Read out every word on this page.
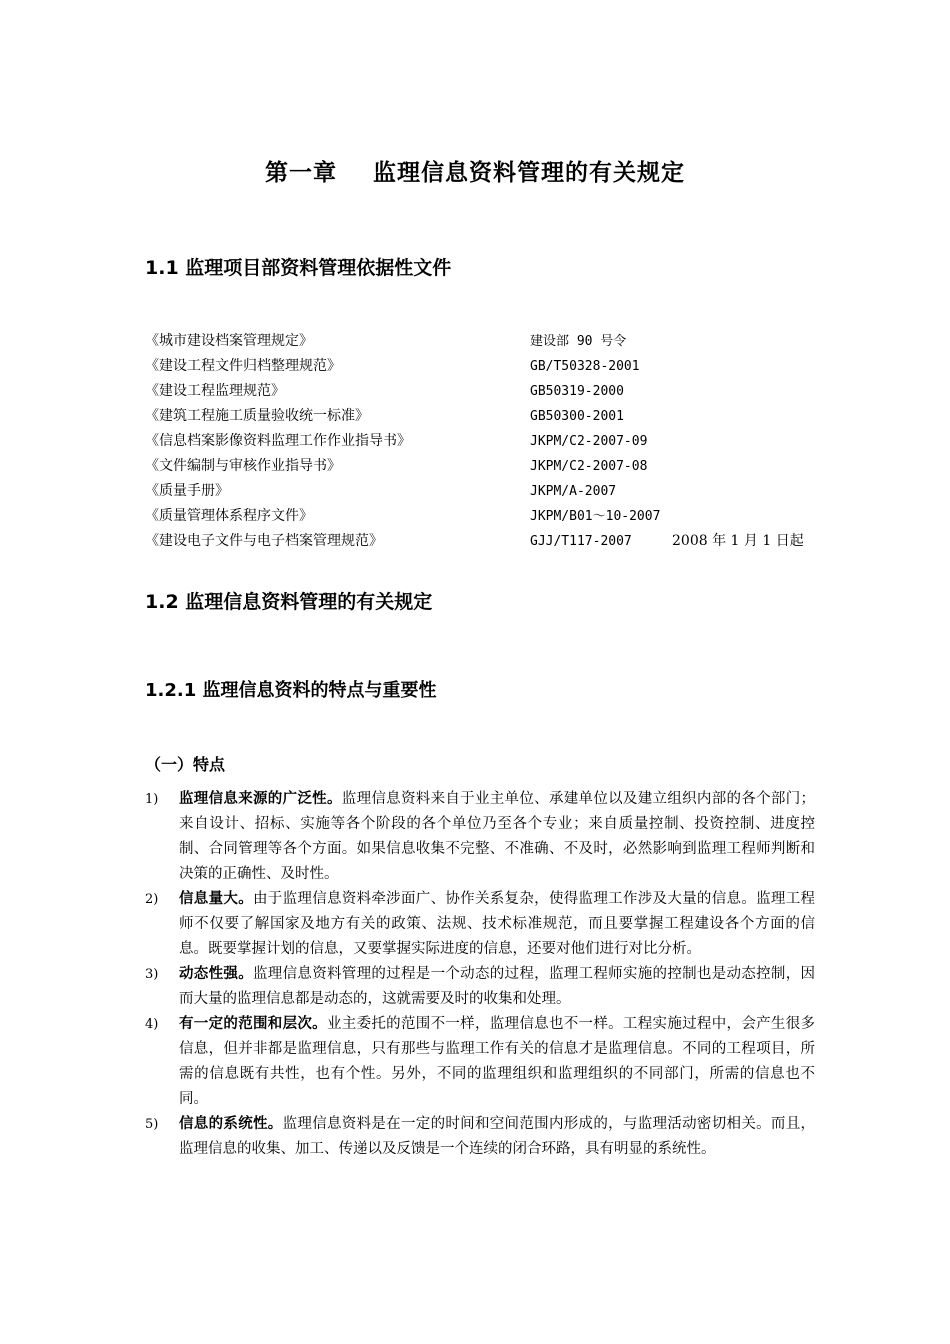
第一章    监理信息资料管理的有关规定
1.1 监理项目部资料管理依据性文件
《城市建设档案管理规定》	建设部 90 号令
《建设工程文件归档整理规范》	GB/T50328-2001
《建设工程监理规范》	GB50319-2000
《建筑工程施工质量验收统一标准》	GB50300-2001
《信息档案影像资料监理工作作业指导书》	JKPM/C2-2007-09
《文件编制与审核作业指导书》	JKPM/C2-2007-08
《质量手册》	JKPM/A-2007
《质量管理体系程序文件》	JKPM/B01～10-2007
《建设电子文件与电子档案管理规范》	GJJ/T117-2007	2008 年 1 月 1 日起
1.2 监理信息资料管理的有关规定
1.2.1 监理信息资料的特点与重要性
（一）特点

1) 监理信息来源的广泛性。监理信息资料来自于业主单位、承建单位以及建立组织内部的各个部门；来自设计、招标、实施等各个阶段的各个单位乃至各个专业；来自质量控制、投资控制、进度控制、合同管理等各个方面。如果信息收集不完整、不准确、不及时，必然影响到监理工程师判断和决策的正确性、及时性。

2) 信息量大。由于监理信息资料牵涉面广、协作关系复杂，使得监理工作涉及大量的信息。监理工程师不仅要了解国家及地方有关的政策、法规、技术标准规范，而且要掌握工程建设各个方面的信息。既要掌握计划的信息，又要掌握实际进度的信息，还要对他们进行对比分析。

3) 动态性强。监理信息资料管理的过程是一个动态的过程，监理工程师实施的控制也是动态控制，因而大量的监理信息都是动态的，这就需要及时的收集和处理。

4) 有一定的范围和层次。业主委托的范围不一样，监理信息也不一样。工程实施过程中，会产生很多信息，但并非都是监理信息，只有那些与监理工作有关的信息才是监理信息。不同的工程项目，所需的信息既有共性，也有个性。另外，不同的监理组织和监理组织的不同部门，所需的信息也不同。

5) 信息的系统性。监理信息资料是在一定的时间和空间范围内形成的，与监理活动密切相关。而且，监理信息的收集、加工、传递以及反馈是一个连续的闭合环路，具有明显的系统性。
